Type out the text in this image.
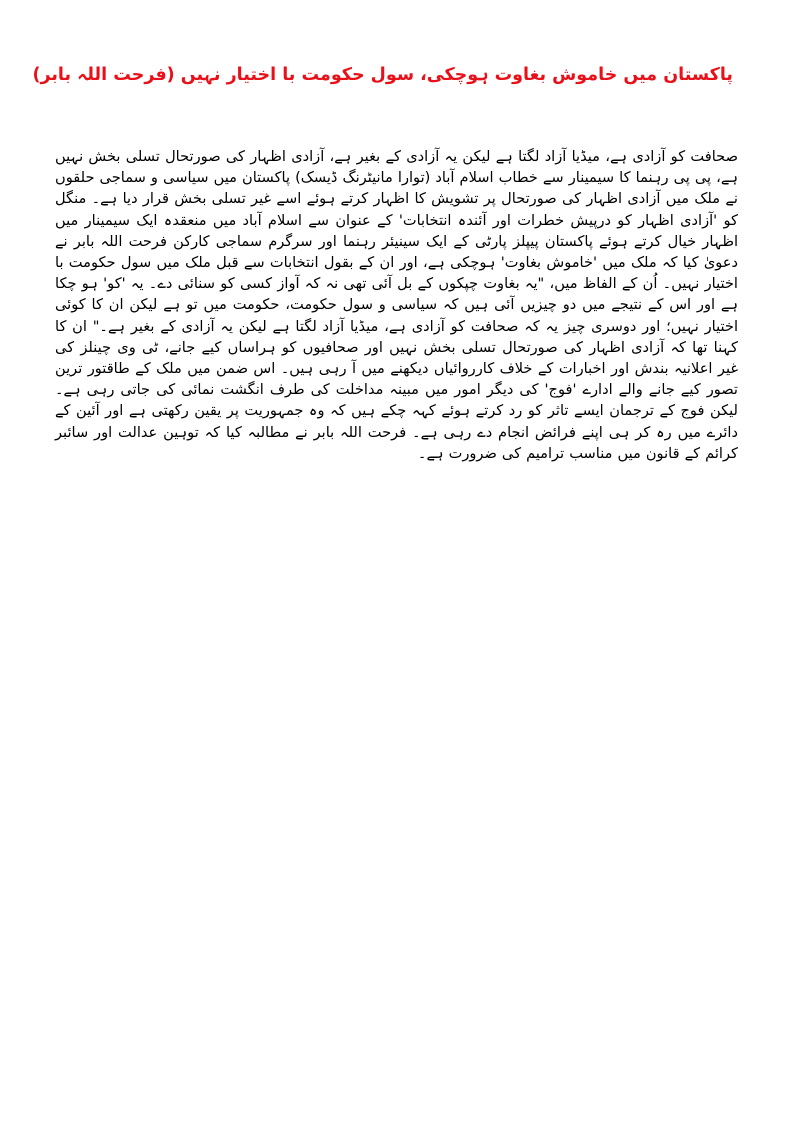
پاکستان میں خاموش بغاوت ہوچکی، سول حکومت با اختیار نہیں (فرحت اللہ بابر)

صحافت کو آزادی ہے، میڈیا آزاد لگتا ہے لیکن یہ آزادی کے بغیر ہے، آزادی اظہار کی صورتحال تسلی بخش نہیں ہے، پی پی رہنما کا سیمینار سے خطاب اسلام آباد (توارا مانیٹرنگ ڈیسک) پاکستان میں سیاسی و سماجی حلقوں نے ملک میں آزادی اظہار کی صورتحال پر تشویش کا اظہار کرتے ہوئے اسے غیر تسلی بخش قرار دیا ہے۔ منگل کو 'آزادی اظہار کو درپیش خطرات اور آئندہ انتخابات' کے عنوان سے اسلام آباد میں منعقدہ ایک سیمینار میں اظہار خیال کرتے ہوئے پاکستان پیپلز پارٹی کے ایک سینیئر رہنما اور سرگرم سماجی کارکن فرحت اللہ بابر نے دعویٰ کیا کہ ملک میں 'خاموش بغاوت' ہوچکی ہے، اور ان کے بقول انتخابات سے قبل ملک میں سول حکومت با اختیار نہیں۔ اُن کے الفاظ میں، "یہ بغاوت چپکوں کے بل آئی تھی نہ کہ آواز کسی کو سنائی دے۔ یہ 'کو' ہو چکا ہے اور اس کے نتیجے میں دو چیزیں آئی ہیں کہ سیاسی و سول حکومت، حکومت میں تو ہے لیکن ان کا کوئی اختیار نہیں؛ اور دوسری چیز یہ کہ صحافت کو آزادی ہے، میڈیا آزاد لگتا ہے لیکن یہ آزادی کے بغیر ہے۔" ان کا کہنا تھا کہ آزادی اظہار کی صورتحال تسلی بخش نہیں اور صحافیوں کو ہراساں کیے جانے، ٹی وی چینلز کی غیر اعلانیہ بندش اور اخبارات کے خلاف کارروائیاں دیکھنے میں آ رہی ہیں۔ اس ضمن میں ملک کے طاقتور ترین تصور کیے جانے والے ادارے 'فوج' کی دیگر امور میں مبینہ مداخلت کی طرف انگشت نمائی کی جاتی رہی ہے۔ لیکن فوج کے ترجمان ایسے تاثر کو رد کرتے ہوئے کہہ چکے ہیں کہ وہ جمہوریت پر یقین رکھتی ہے اور آئین کے دائرے میں رہ کر ہی اپنے فرائض انجام دے رہی ہے۔ فرحت اللہ بابر نے مطالبہ کیا کہ توہین عدالت اور سائبر کرائم کے قانون میں مناسب ترامیم کی ضرورت ہے۔
